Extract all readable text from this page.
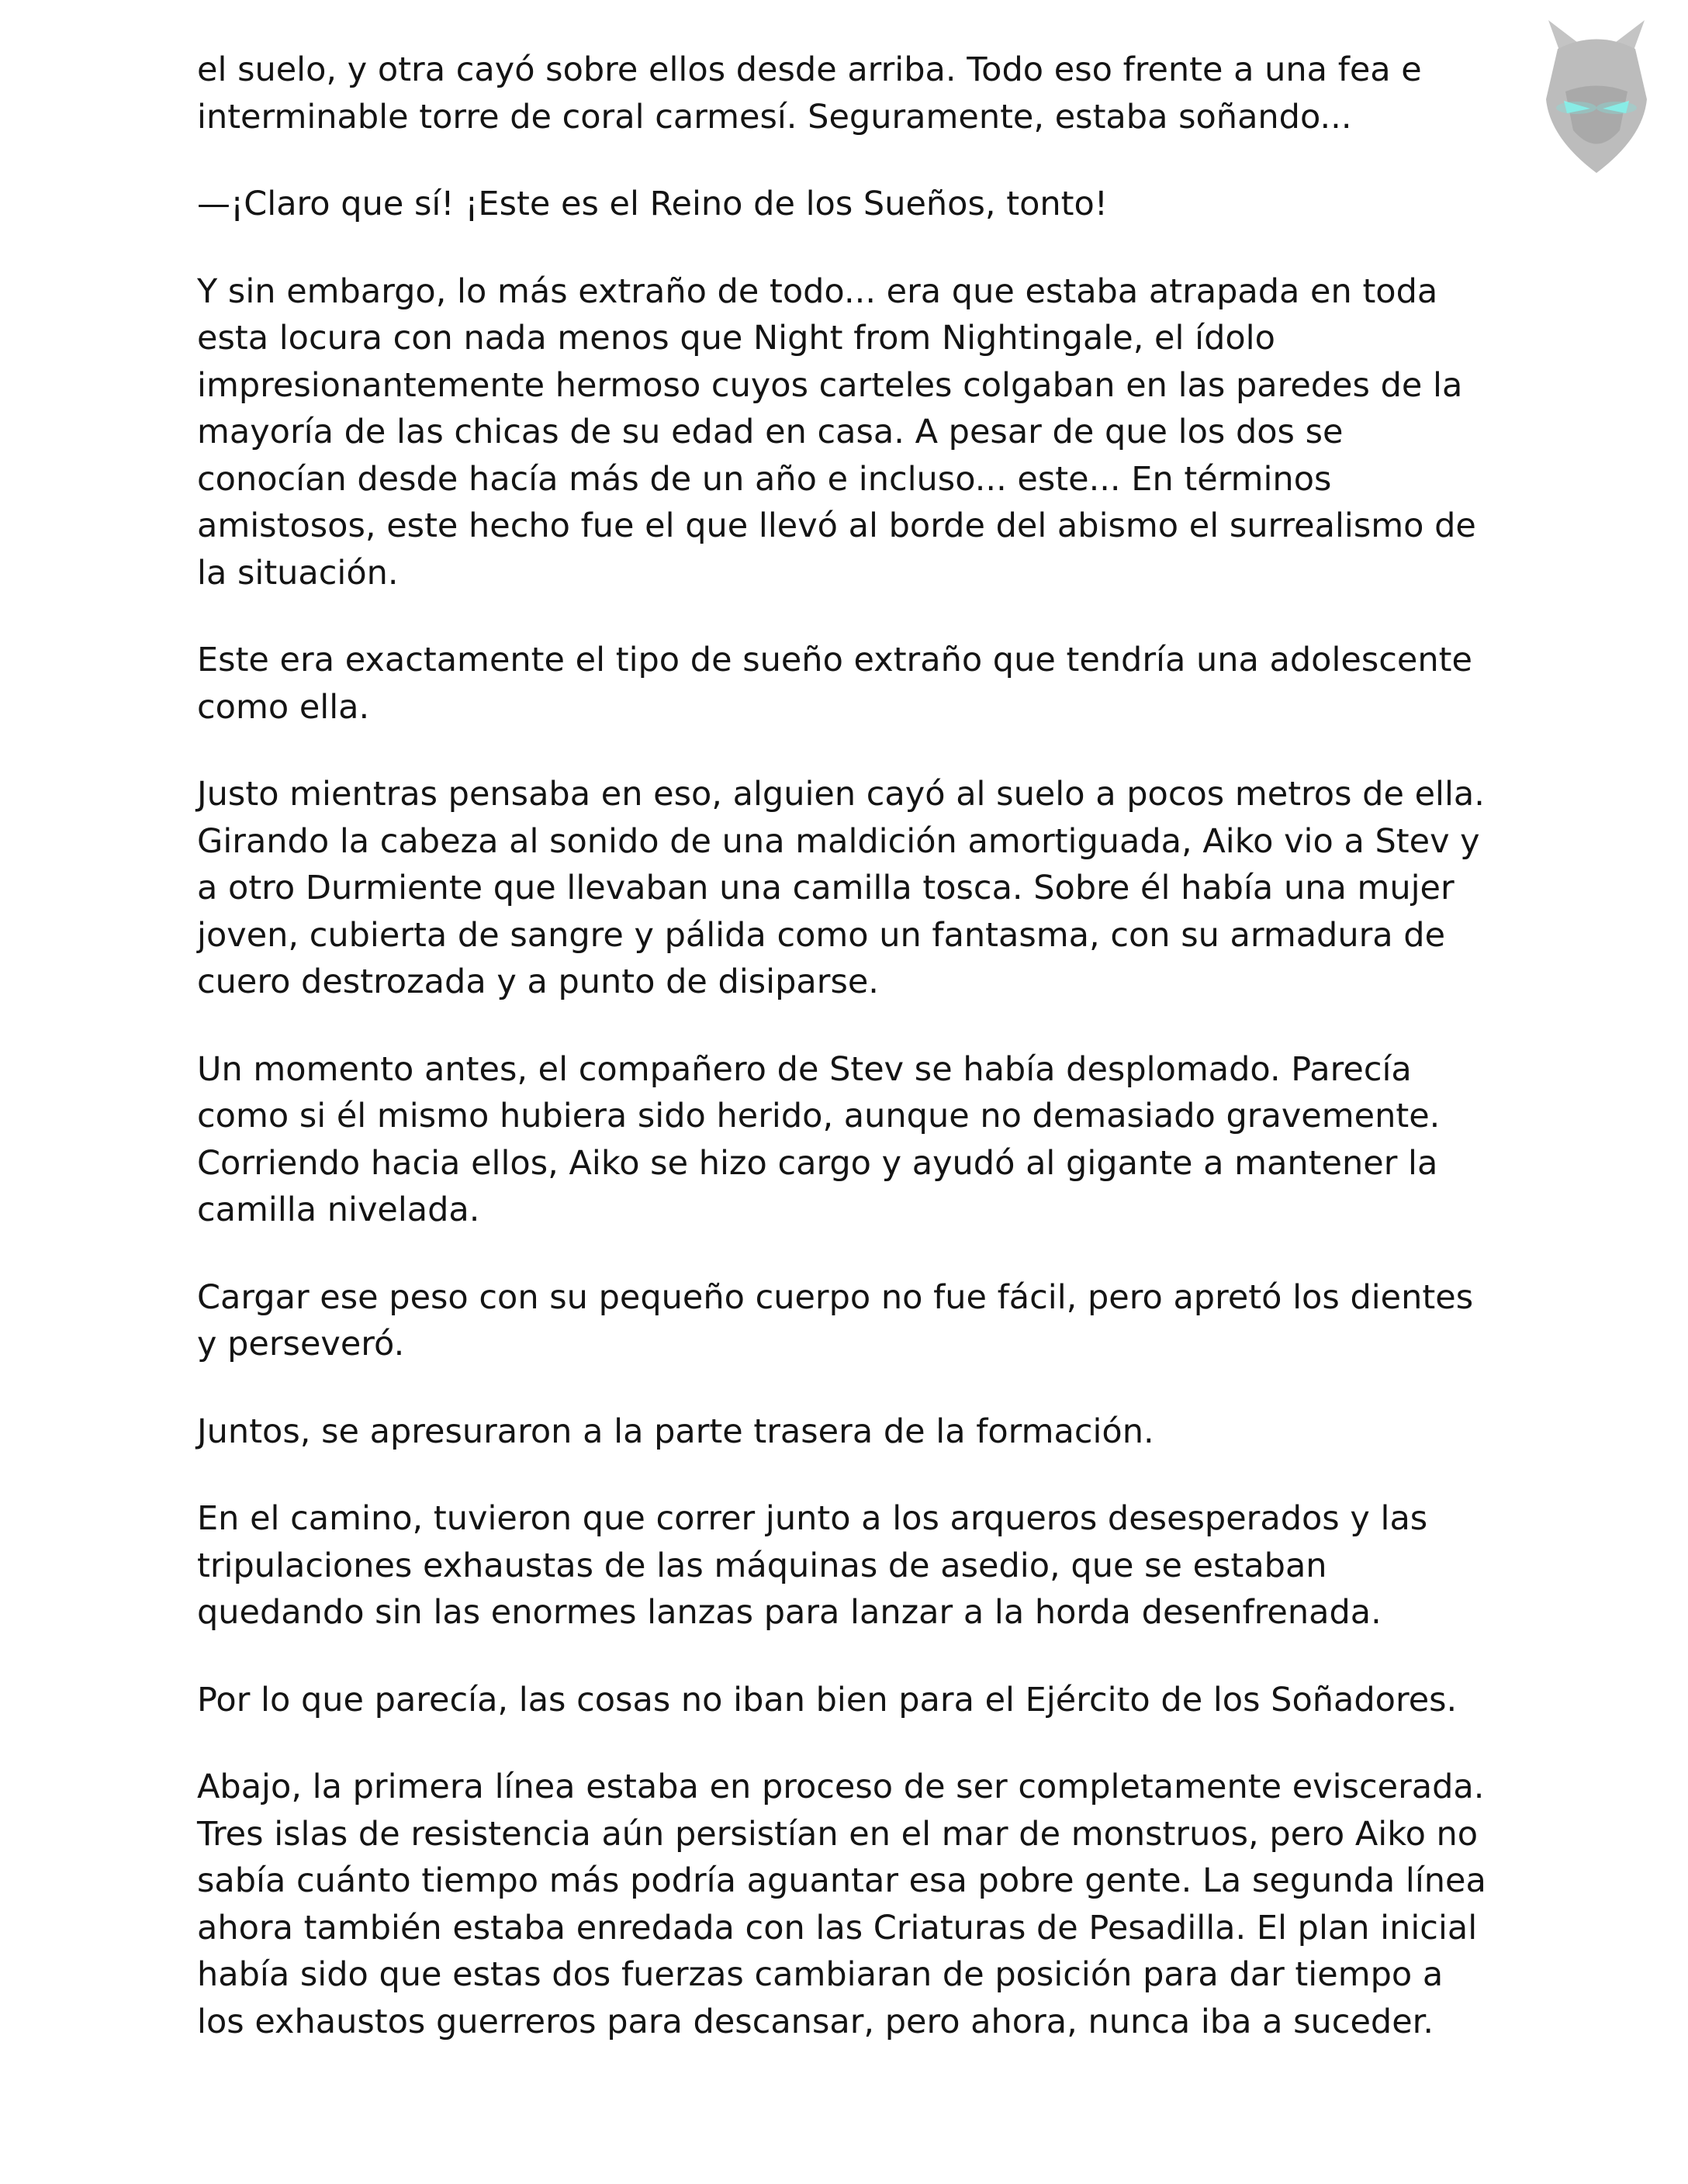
el suelo, y otra cayó sobre ellos desde arriba. Todo eso frente a una fea e interminable torre de coral carmesí. Seguramente, estaba soñando...

—¡Claro que sí! ¡Este es el Reino de los Sueños, tonto!

Y sin embargo, lo más extraño de todo... era que estaba atrapada en toda esta locura con nada menos que Night from Nightingale, el ídolo impresionantemente hermoso cuyos carteles colgaban en las paredes de la mayoría de las chicas de su edad en casa. A pesar de que los dos se conocían desde hacía más de un año e incluso... este... En términos amistosos, este hecho fue el que llevó al borde del abismo el surrealismo de la situación.

Este era exactamente el tipo de sueño extraño que tendría una adolescente como ella.

Justo mientras pensaba en eso, alguien cayó al suelo a pocos metros de ella. Girando la cabeza al sonido de una maldición amortiguada, Aiko vio a Stev y a otro Durmiente que llevaban una camilla tosca. Sobre él había una mujer joven, cubierta de sangre y pálida como un fantasma, con su armadura de cuero destrozada y a punto de disiparse.

Un momento antes, el compañero de Stev se había desplomado. Parecía como si él mismo hubiera sido herido, aunque no demasiado gravemente. Corriendo hacia ellos, Aiko se hizo cargo y ayudó al gigante a mantener la camilla nivelada.

Cargar ese peso con su pequeño cuerpo no fue fácil, pero apretó los dientes y perseveró.

Juntos, se apresuraron a la parte trasera de la formación.

En el camino, tuvieron que correr junto a los arqueros desesperados y las tripulaciones exhaustas de las máquinas de asedio, que se estaban quedando sin las enormes lanzas para lanzar a la horda desenfrenada.

Por lo que parecía, las cosas no iban bien para el Ejército de los Soñadores.

Abajo, la primera línea estaba en proceso de ser completamente eviscerada. Tres islas de resistencia aún persistían en el mar de monstruos, pero Aiko no sabía cuánto tiempo más podría aguantar esa pobre gente. La segunda línea ahora también estaba enredada con las Criaturas de Pesadilla. El plan inicial había sido que estas dos fuerzas cambiaran de posición para dar tiempo a los exhaustos guerreros para descansar, pero ahora, nunca iba a suceder.
